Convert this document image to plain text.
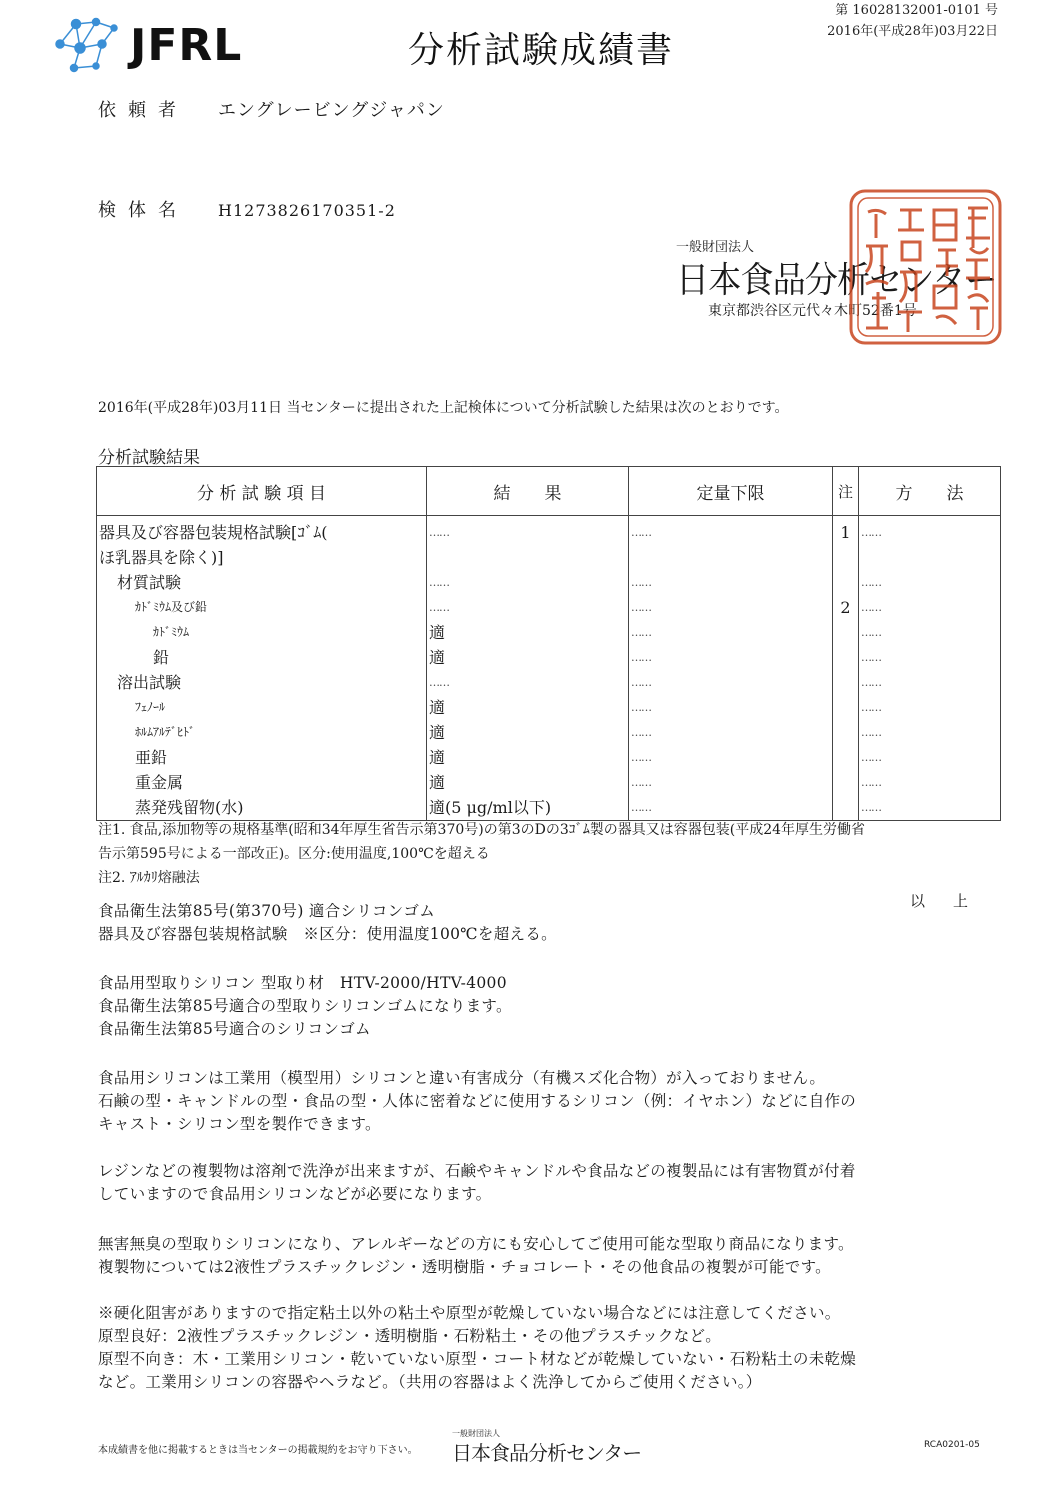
JFRL
第 16028132001-0101 号
2016年(平成28年)03月22日
分析試験成績書
依頼者 エングレービングジャパン
検体名 H1273826170351-2
一般財団法人
日本食品分析センター
東京都渋谷区元代々木町52番1号
2016年(平成28年)03月11日 当センターに提出された上記検体について分析試験した結果は次のとおりです。
分析試験結果
分 析 試 験 項 目	結　　果	定量下限	注	方　　法
器具及び容器包装規格試験[ｺﾞﾑ(	……	……	1	……
ほ乳器具を除く)]				
材質試験	……	……		……
ｶﾄﾞﾐｳﾑ及び鉛	……	……	2	……
ｶﾄﾞﾐｳﾑ	適	……		……
鉛	適	……		……
溶出試験	……	……		……
ﾌｪﾉｰﾙ	適	……		……
ﾎﾙﾑｱﾙﾃﾞﾋﾄﾞ	適	……		……
亜鉛	適	……		……
重金属	適	……		……
蒸発残留物(水)	適(5 μg/ml以下)	……		……
注1. 食品,添加物等の規格基準(昭和34年厚生省告示第370号)の第3のDの3ｺﾞﾑ製の器具又は容器包装(平成24年厚生労働省
告示第595号による一部改正)。区分:使用温度,100℃を超える
注2. ｱﾙｶﾘ熔融法
以上
食品衛生法第85号(第370号) 適合シリコンゴム
器具及び容器包装規格試験　※区分：使用温度100℃を超える。
食品用型取りシリコン 型取り材　HTV-2000/HTV-4000
食品衛生法第85号適合の型取りシリコンゴムになります。
食品衛生法第85号適合のシリコンゴム
食品用シリコンは工業用（模型用）シリコンと違い有害成分（有機スズ化合物）が入っておりません。
石鹸の型・キャンドルの型・食品の型・人体に密着などに使用するシリコン（例：イヤホン）などに自作の
キャスト・シリコン型を製作できます。
レジンなどの複製物は溶剤で洗浄が出来ますが、石鹸やキャンドルや食品などの複製品には有害物質が付着
していますので食品用シリコンなどが必要になります。
無害無臭の型取りシリコンになり、アレルギーなどの方にも安心してご使用可能な型取り商品になります。
複製物については2液性プラスチックレジン・透明樹脂・チョコレート・その他食品の複製が可能です。
※硬化阻害がありますので指定粘土以外の粘土や原型が乾燥していない場合などには注意してください。
原型良好：2液性プラスチックレジン・透明樹脂・石粉粘土・その他プラスチックなど。
原型不向き：木・工業用シリコン・乾いていない原型・コート材などが乾燥していない・石粉粘土の未乾燥
など。工業用シリコンの容器やヘラなど。（共用の容器はよく洗浄してからご使用ください。）
本成績書を他に掲載するときは当センターの掲載規約をお守り下さい。
一般財団法人
日本食品分析センター	RCA0201-05
